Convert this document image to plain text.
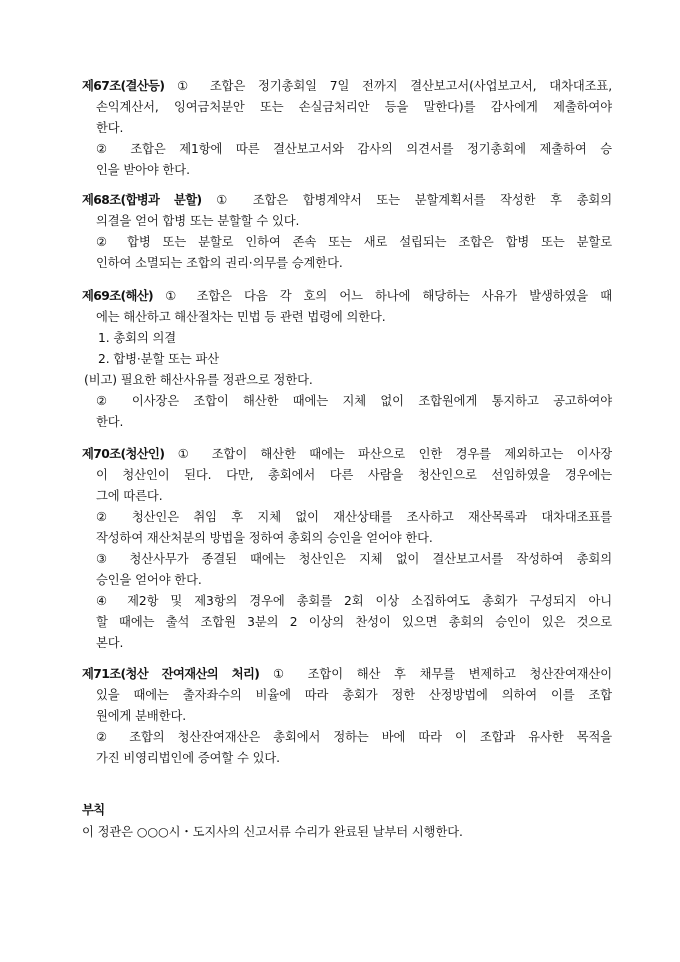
제67조(결산등) ① 조합은 정기총회일 7일 전까지 결산보고서(사업보고서, 대차대조표,
손익계산서, 잉여금처분안 또는 손실금처리안 등을 말한다)를 감사에게 제출하여야
한다.
② 조합은 제1항에 따른 결산보고서와 감사의 의견서를 정기총회에 제출하여 승
인을 받아야 한다.
제68조(합병과 분할) ① 조합은 합병계약서 또는 분할계획서를 작성한 후 총회의
의결을 얻어 합병 또는 분할할 수 있다.
② 합병 또는 분할로 인하여 존속 또는 새로 설립되는 조합은 합병 또는 분할로
인하여 소멸되는 조합의 권리·의무를 승계한다.
제69조(해산) ① 조합은 다음 각 호의 어느 하나에 해당하는 사유가 발생하였을 때
에는 해산하고 해산절차는 민법 등 관련 법령에 의한다.
1. 총회의 의결
2. 합병·분할 또는 파산
(비고) 필요한 해산사유를 정관으로 정한다.
② 이사장은 조합이 해산한 때에는 지체 없이 조합원에게 통지하고 공고하여야
한다.
제70조(청산인) ① 조합이 해산한 때에는 파산으로 인한 경우를 제외하고는 이사장
이 청산인이 된다. 다만, 총회에서 다른 사람을 청산인으로 선임하였을 경우에는
그에 따른다.
② 청산인은 취임 후 지체 없이 재산상태를 조사하고 재산목록과 대차대조표를
작성하여 재산처분의 방법을 정하여 총회의 승인을 얻어야 한다.
③ 청산사무가 종결된 때에는 청산인은 지체 없이 결산보고서를 작성하여 총회의
승인을 얻어야 한다.
④ 제2항 및 제3항의 경우에 총회를 2회 이상 소집하여도 총회가 구성되지 아니
할 때에는 출석 조합원 3분의 2 이상의 찬성이 있으면 총회의 승인이 있은 것으로
본다.
제71조(청산 잔여재산의 처리) ① 조합이 해산 후 채무를 변제하고 청산잔여재산이
있을 때에는 출자좌수의 비율에 따라 총회가 정한 산정방법에 의하여 이를 조합
원에게 분배한다.
② 조합의 청산잔여재산은 총회에서 정하는 바에 따라 이 조합과 유사한 목적을
가진 비영리법인에 증여할 수 있다.
부칙
이 정관은 ○○○시・도지사의 신고서류 수리가 완료된 날부터 시행한다.
